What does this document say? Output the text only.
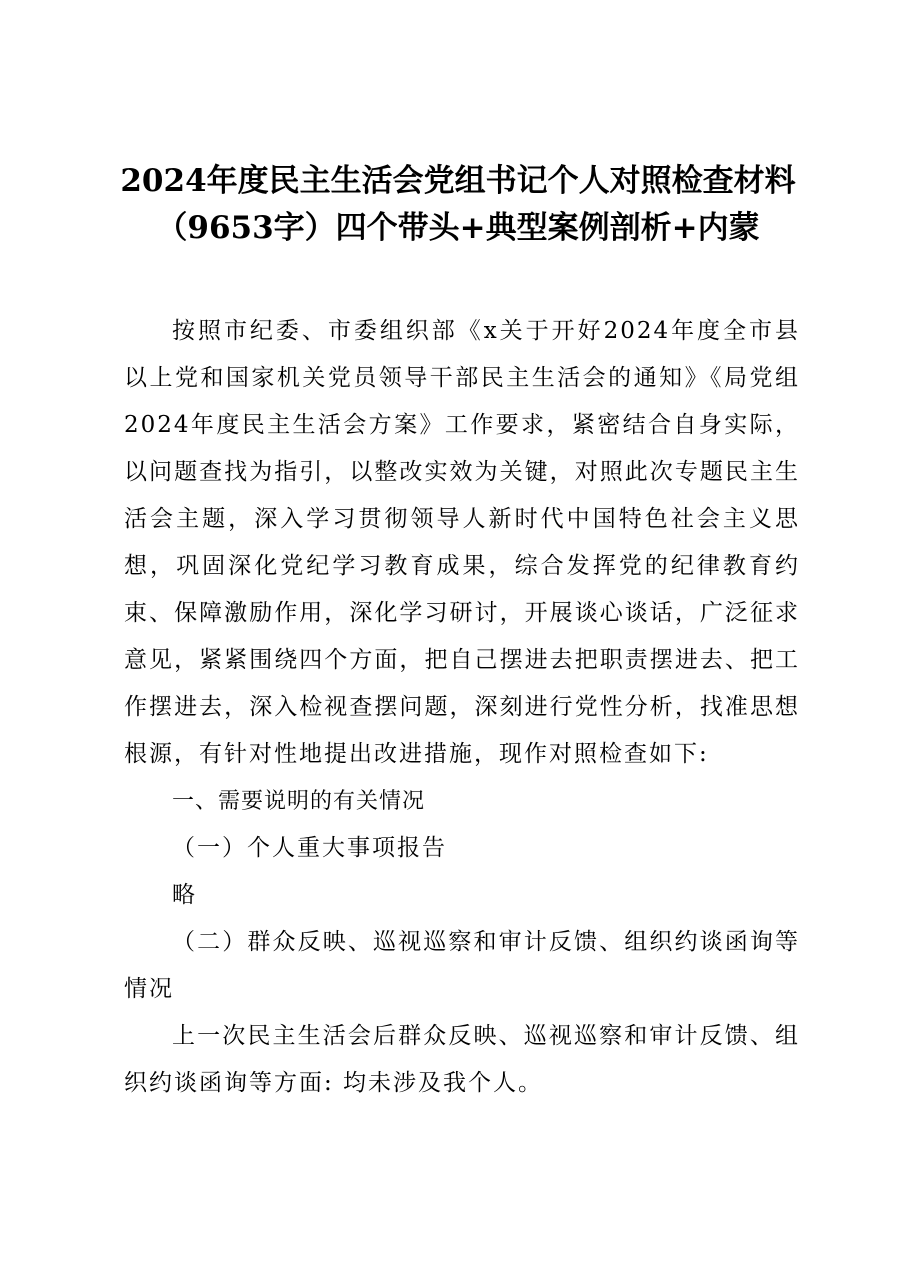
2024年度民主生活会党组书记个人对照检查材料（9653字）四个带头+典型案例剖析+内蒙

按照市纪委、市委组织部《x关于开好2024年度全市县以上党和国家机关党员领导干部民主生活会的通知》《局党组2024年度民主生活会方案》工作要求，紧密结合自身实际，以问题查找为指引，以整改实效为关键，对照此次专题民主生活会主题，深入学习贯彻领导人新时代中国特色社会主义思想，巩固深化党纪学习教育成果，综合发挥党的纪律教育约束、保障激励作用，深化学习研讨，开展谈心谈话，广泛征求意见，紧紧围绕四个方面，把自己摆进去把职责摆进去、把工作摆进去，深入检视查摆问题，深刻进行党性分析，找准思想根源，有针对性地提出改进措施，现作对照检查如下:

一、需要说明的有关情况

（一）个人重大事项报告

略

（二）群众反映、巡视巡察和审计反馈、组织约谈函询等情况

上一次民主生活会后群众反映、巡视巡察和审计反馈、组织约谈函询等方面: 均未涉及我个人。
